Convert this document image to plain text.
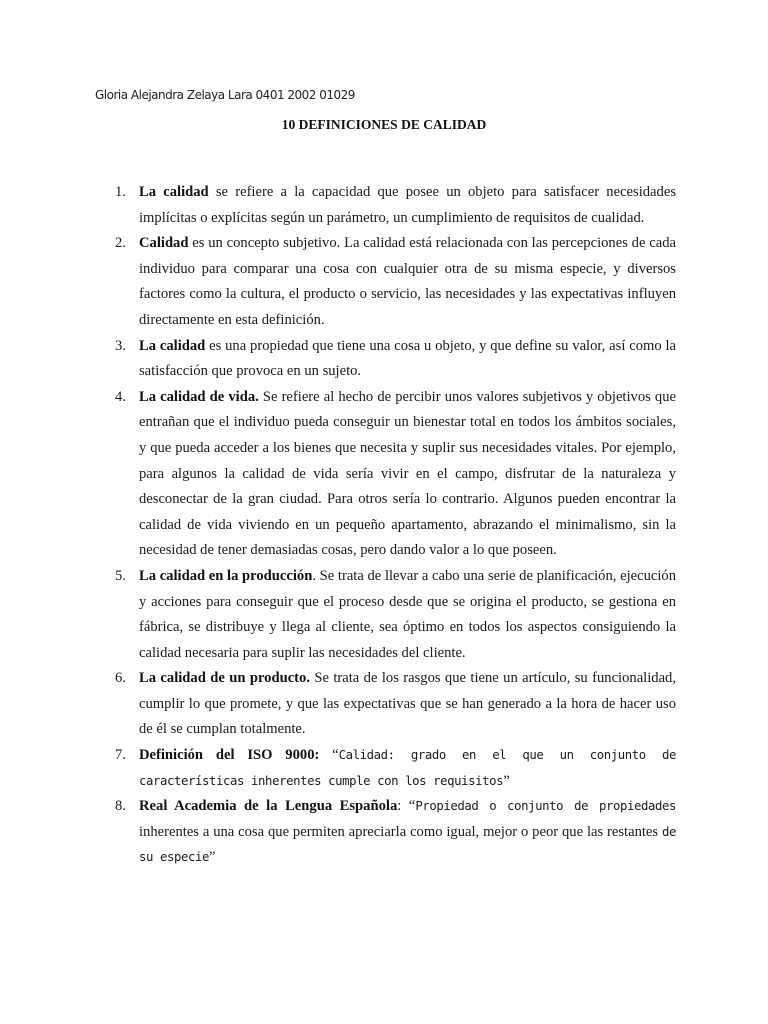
Gloria Alejandra Zelaya Lara 0401 2002 01029
10 DEFINICIONES DE CALIDAD
1. La calidad se refiere a la capacidad que posee un objeto para satisfacer necesidades implícitas o explícitas según un parámetro, un cumplimiento de requisitos de cualidad.
2. Calidad es un concepto subjetivo. La calidad está relacionada con las percepciones de cada individuo para comparar una cosa con cualquier otra de su misma especie, y diversos factores como la cultura, el producto o servicio, las necesidades y las expectativas influyen directamente en esta definición.
3. La calidad es una propiedad que tiene una cosa u objeto, y que define su valor, así como la satisfacción que provoca en un sujeto.
4. La calidad de vida. Se refiere al hecho de percibir unos valores subjetivos y objetivos que entrañan que el individuo pueda conseguir un bienestar total en todos los ámbitos sociales, y que pueda acceder a los bienes que necesita y suplir sus necesidades vitales. Por ejemplo, para algunos la calidad de vida sería vivir en el campo, disfrutar de la naturaleza y desconectar de la gran ciudad. Para otros sería lo contrario. Algunos pueden encontrar la calidad de vida viviendo en un pequeño apartamento, abrazando el minimalismo, sin la necesidad de tener demasiadas cosas, pero dando valor a lo que poseen.
5. La calidad en la producción. Se trata de llevar a cabo una serie de planificación, ejecución y acciones para conseguir que el proceso desde que se origina el producto, se gestiona en fábrica, se distribuye y llega al cliente, sea óptimo en todos los aspectos consiguiendo la calidad necesaria para suplir las necesidades del cliente.
6. La calidad de un producto. Se trata de los rasgos que tiene un artículo, su funcionalidad, cumplir lo que promete, y que las expectativas que se han generado a la hora de hacer uso de él se cumplan totalmente.
7. Definición del ISO 9000: “Calidad: grado en el que un conjunto de características inherentes cumple con los requisitos”
8. Real Academia de la Lengua Española: “Propiedad o conjunto de propiedades inherentes a una cosa que permiten apreciarla como igual, mejor o peor que las restantes de su especie”
